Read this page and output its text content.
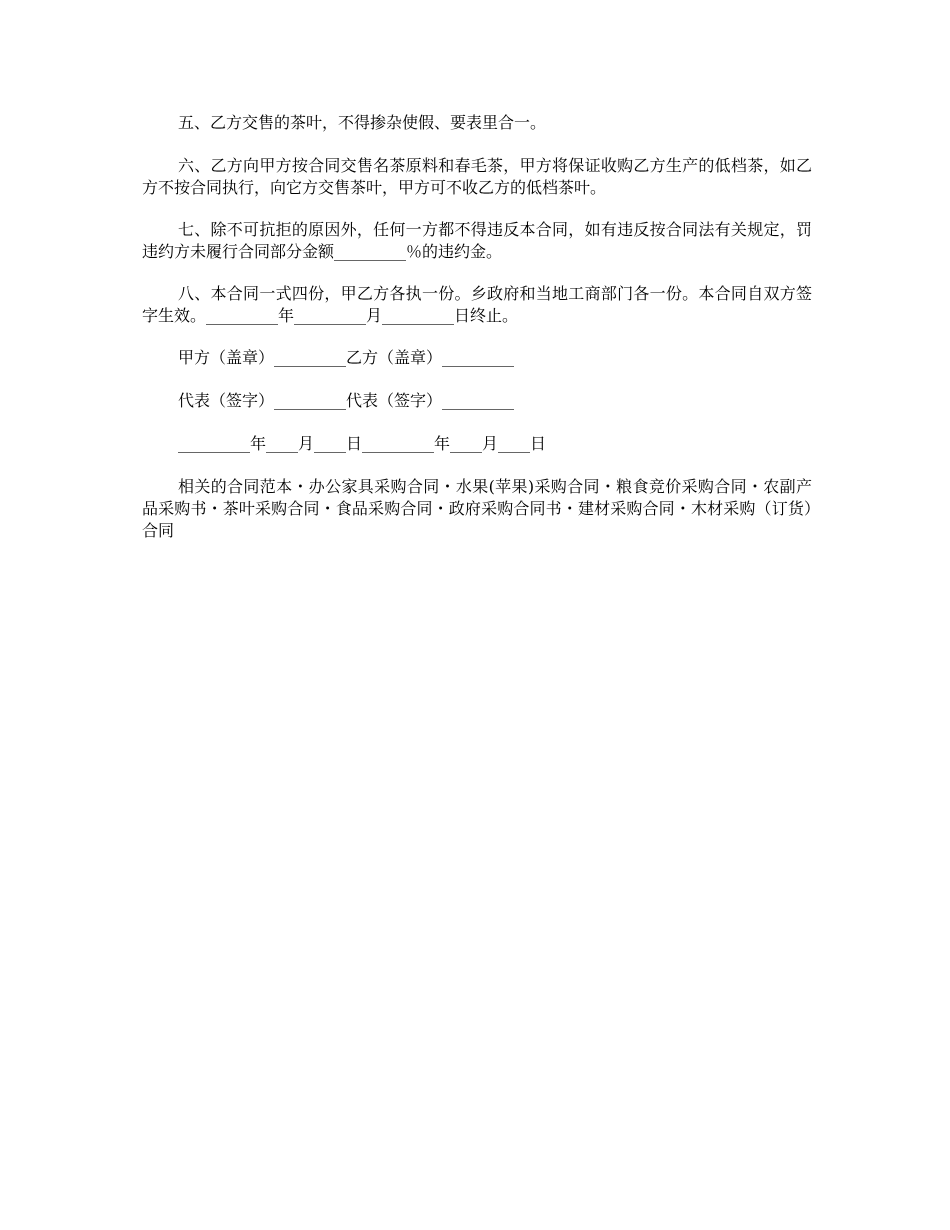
五、乙方交售的茶叶，不得掺杂使假、要表里合一。

六、乙方向甲方按合同交售名茶原料和春毛茶，甲方将保证收购乙方生产的低档茶，如乙方不按合同执行，向它方交售茶叶，甲方可不收乙方的低档茶叶。

七、除不可抗拒的原因外，任何一方都不得违反本合同，如有违反按合同法有关规定，罚违约方未履行合同部分金额_________％的违约金。

八、本合同一式四份，甲乙方各执一份。乡政府和当地工商部门各一份。本合同自双方签字生效。_________年_________月_________日终止。

甲方（盖章）_________乙方（盖章）_________

代表（签字）_________代表（签字）_________

_________年____月____日_________年____月____日

相关的合同范本・办公家具采购合同・水果(苹果)采购合同・粮食竞价采购合同・农副产品采购书・茶叶采购合同・食品采购合同・政府采购合同书・建材采购合同・木材采购（订货）合同
